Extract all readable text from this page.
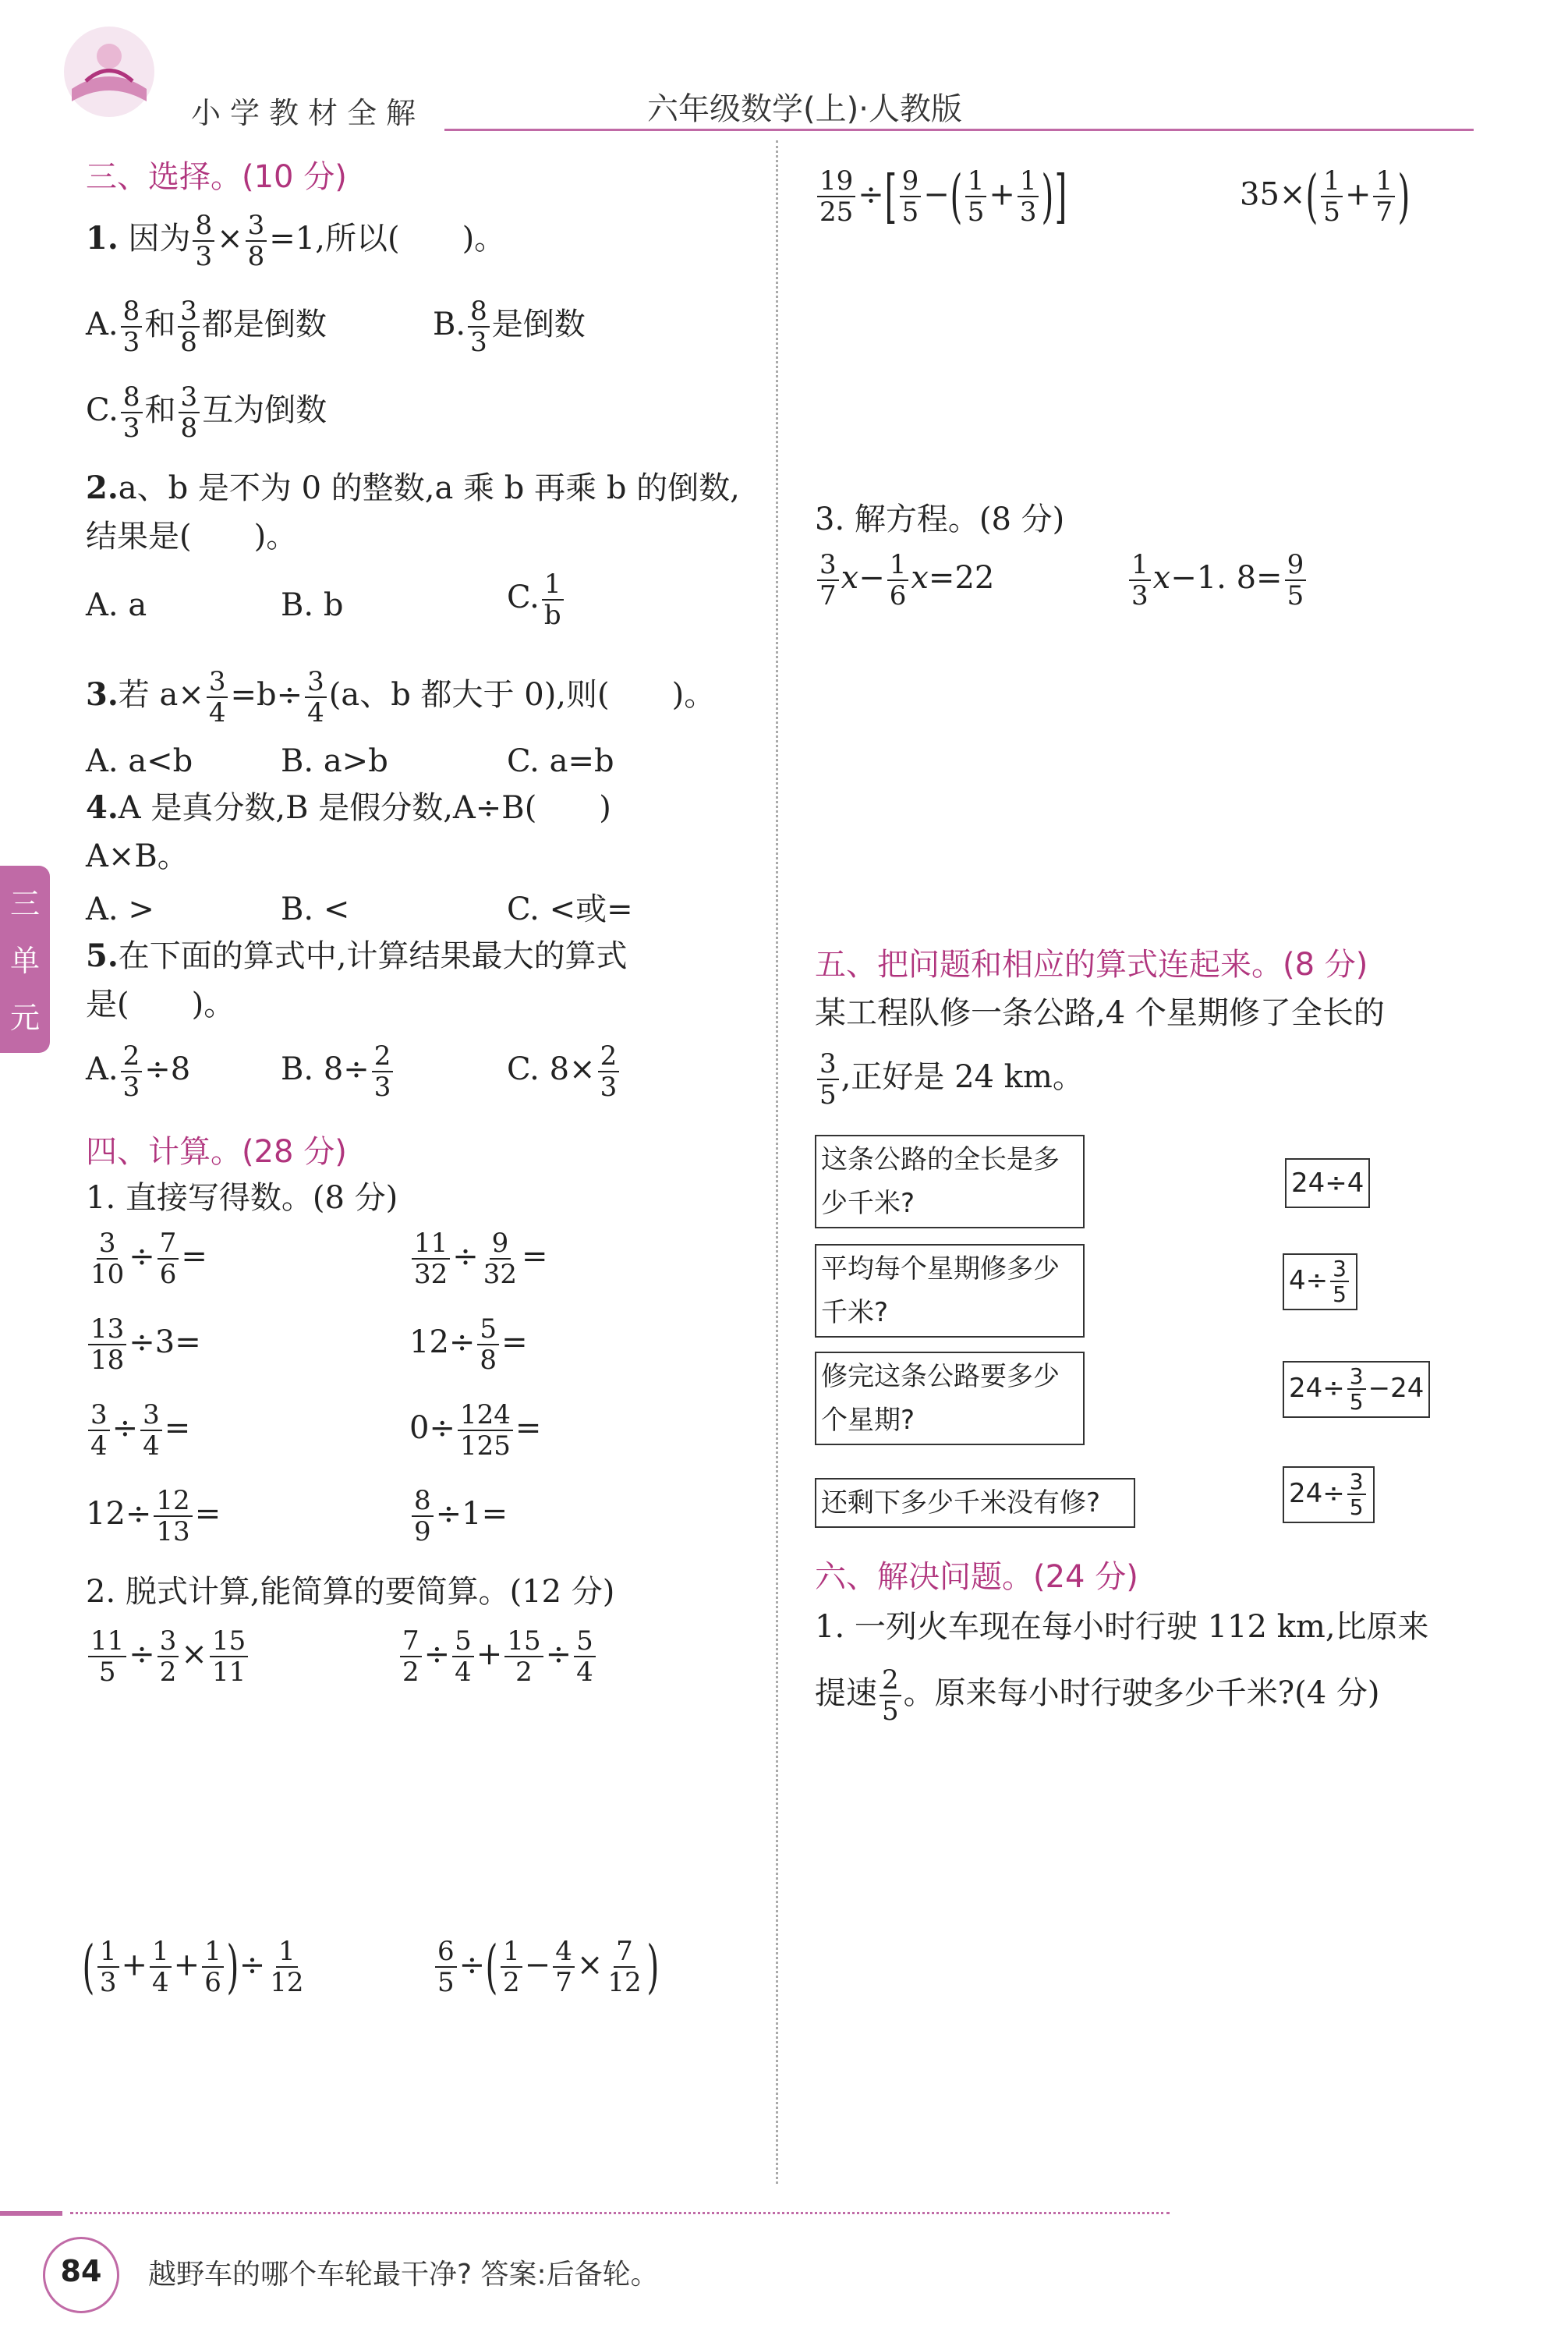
小学教材全解	六年级数学(上)·人教版
三
单
元
三、选择。(10 分)
1. 因为 $\frac{8}{3} \times \frac{3}{8} =1$,所以(　　)。
A. $\frac{8}{3}$ 和 $\frac{3}{8}$ 都是倒数	B. $\frac{8}{3}$ 是倒数
C. $\frac{8}{3}$ 和 $\frac{3}{8}$ 互为倒数
2.a、b 是不为 0 的整数,a 乘 b 再乘 b 的倒数,
结果是(　　)。
A. a	B. b	C. $\frac{1}{b}$
3.若 $a\times \frac{3}{4} =b\div \frac{3}{4} (a$、b 都大于 0),则(　　)。
A. a<b	B. a>b	C. a=b
4.A 是真分数,B 是假分数,A÷B(　　)
A×B。
A. >	B. <	C. <或=
5.在下面的算式中,计算结果最大的算式
是(　　)。
A. $\frac{2}{3} \div 8$	B. $8\div \frac{2}{3}$	C. $8\times \frac{2}{3}$
四、计算。(28 分)
1. 直接写得数。(8 分)
$\frac{3}{10} \div \frac{7}{6}$ =	$\frac{11}{32} \div \frac{9}{32}$ =
$\frac{13}{18} \div 3=$	$12\div \frac{5}{8}$ =
$\frac{3}{4} \div \frac{3}{4}$ =	$0\div \frac{124}{125}$ =
$12\div \frac{12}{13}$ =	$\frac{8}{9} \div 1=$
2. 脱式计算,能简算的要简算。(12 分)
$\frac{11}{5} \div \frac{3}{2} \times \frac{15}{11}$	$\frac{7}{2} \div \frac{5}{4} + \frac{15}{2} \div \frac{5}{4}$
( $\frac{1}{3} + \frac{1}{4} + \frac{1}{6}$ )÷ $\frac{1}{12}$	$\frac{6}{5}$ ÷( $\frac{1}{2} - \frac{4}{7} \times \frac{7}{12}$ )
$\frac{19}{25}$ ÷[ $\frac{9}{5}$ −( $\frac{1}{5} + \frac{1}{3}$ )]	$35\times( \frac{1}{5} + \frac{1}{7}$ )
3. 解方程。(8 分)
$\frac{3}{7} x- \frac{1}{6} x=22$	$\frac{1}{3} x-1$. $8= \frac{9}{5}$
五、把问题和相应的算式连起来。(8 分)
某工程队修一条公路,4 个星期修了全长的
$\frac{3}{5}$ ,正好是 24 km。
这条公路的全长是多少千米?
平均每个星期修多少千米?
修完这条公路要多少个星期?
还剩下多少千米没有修?
24÷4
$4\div \frac{3}{5}$
$24\div \frac{3}{5} -24$
$24\div \frac{3}{5}$
六、解决问题。(24 分)
1. 一列火车现在每小时行驶 112 km,比原来
提速 $\frac{2}{5}$ 。原来每小时行驶多少千米?(4 分)
84	越野车的哪个车轮最干净? 答案:后备轮。
